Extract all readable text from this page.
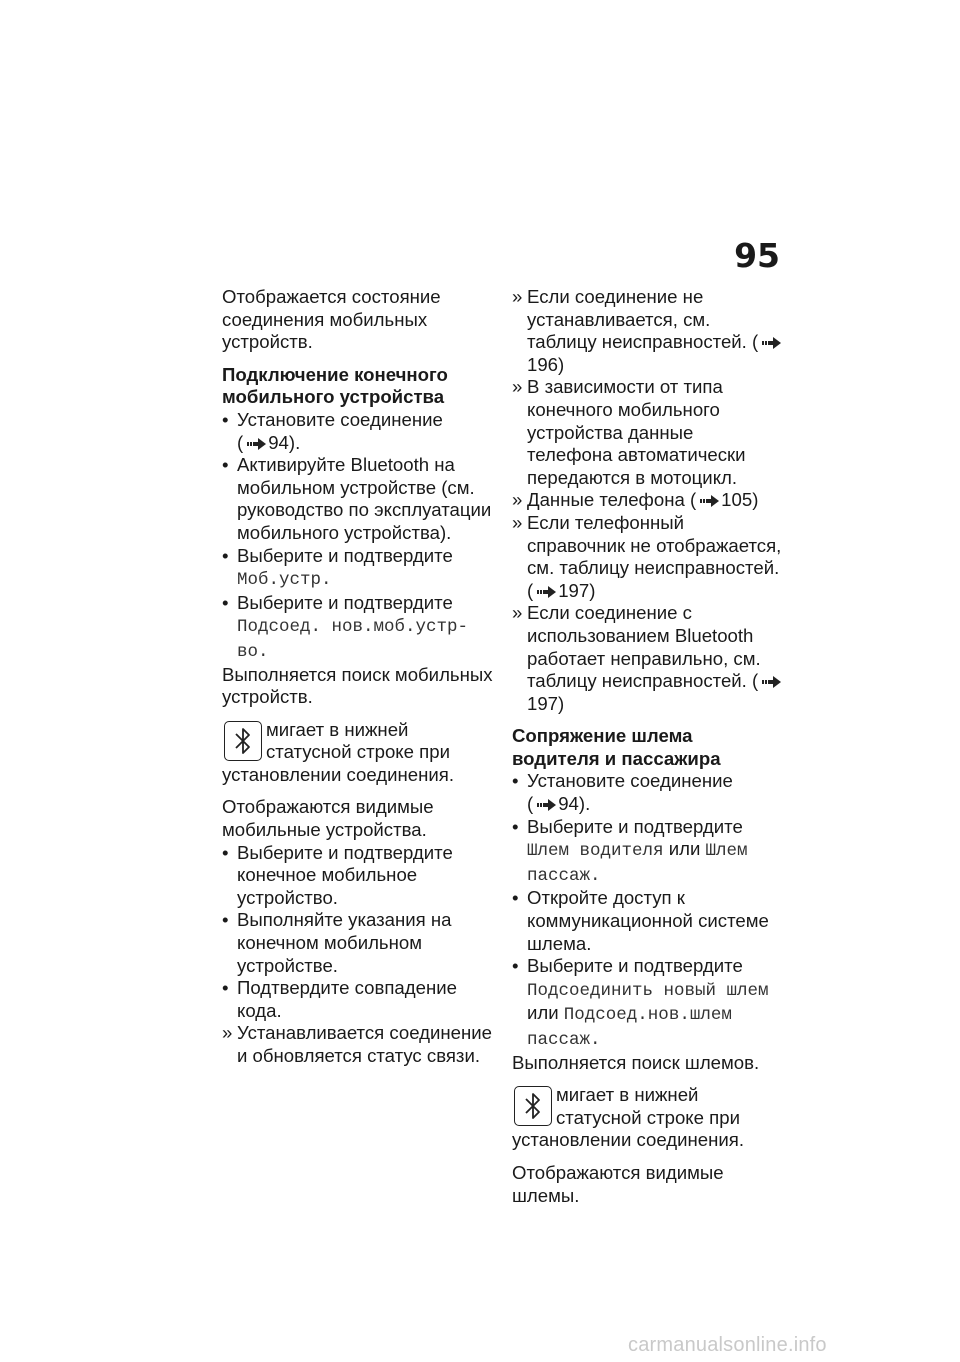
95

Отображается состояние соединения мобильных устройств.

Подключение конечного мобильного устройства

• Установите соединение
( 94).
• Активируйте Bluetooth на мобильном устройстве (см. руководство по эксплуатации мобильного устройства).
• Выберите и подтвердите
Моб.устр.
• Выберите и подтвердите
Подсоед. нов.моб.устр-во.

Выполняется поиск мобильных устройств.

мигает в нижней статусной строке при установлении соединения.

Отображаются видимые мобильные устройства.

• Выберите и подтвердите конечное мобильное устройство.
• Выполняйте указания на конечном мобильном устройстве.
• Подтвердите совпадение кода.
» Устанавливается соединение и обновляется статус связи.
» Если соединение не устанавливается, см. таблицу неисправностей. (196)
» В зависимости от типа конечного мобильного устройства данные телефона автоматически передаются в мотоцикл.
» Данные телефона ( 105)
» Если телефонный справочник не отображается, см. таблицу неисправностей. ( 197)
» Если соединение с использованием Bluetooth работает неправильно, см. таблицу неисправностей. (197)

Сопряжение шлема водителя и пассажира

• Установите соединение
( 94).
• Выберите и подтвердите
Шлем водителя или Шлем пассаж.
• Откройте доступ к коммуникационной системе шлема.
• Выберите и подтвердите
Подсоединить новый шлем
или Подсоед.нов.шлем пассаж.

Выполняется поиск шлемов.

мигает в нижней статусной строке при установлении соединения.

Отображаются видимые шлемы.

carmanualsonline.info
